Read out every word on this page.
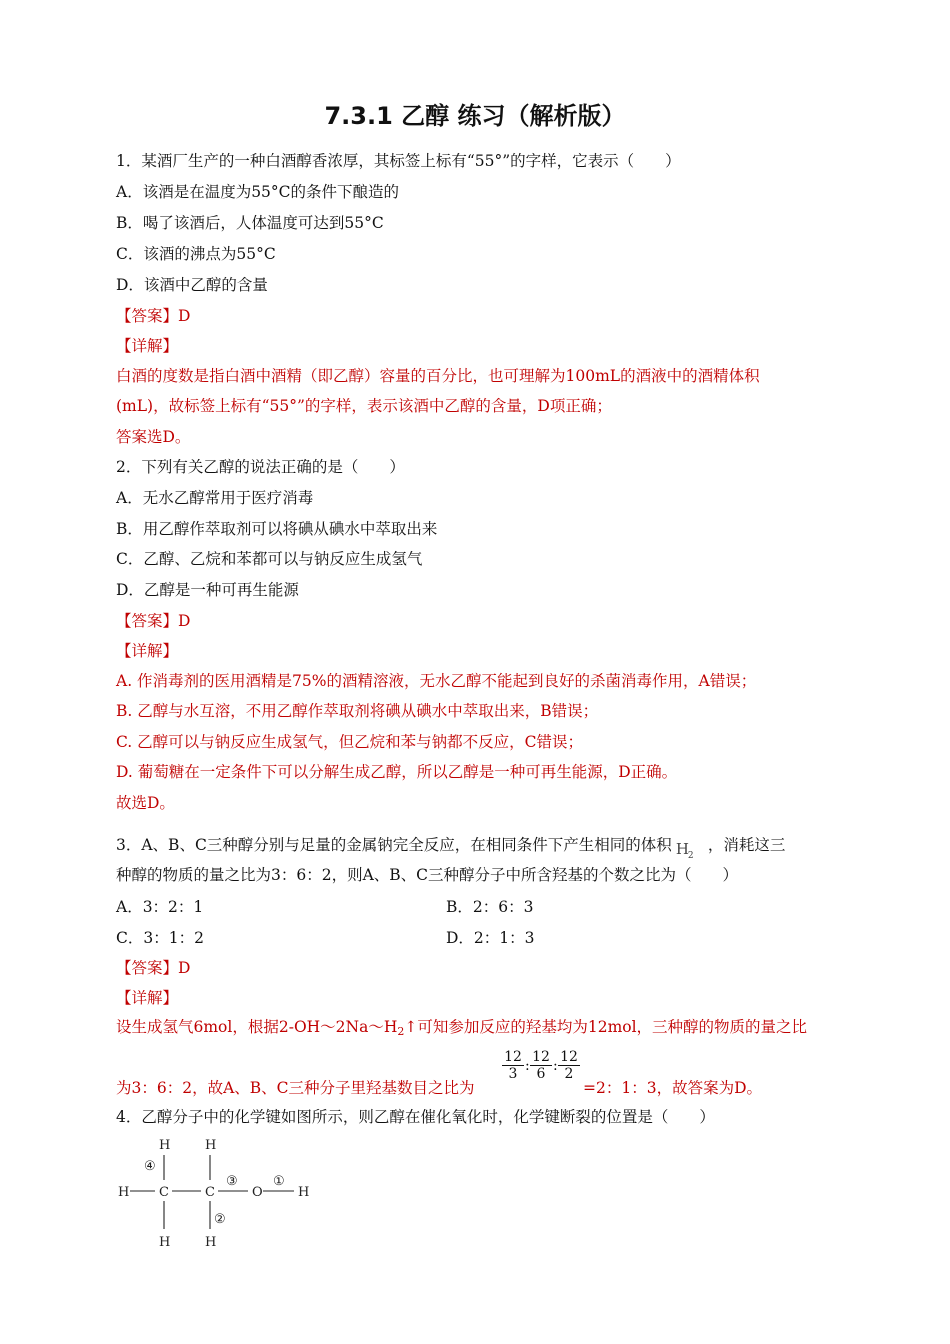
7.3.1 乙醇 练习（解析版）
1．某酒厂生产的一种白酒醇香浓厚，其标签上标有“55°”的字样，它表示（　　）
A．该酒是在温度为55°C的条件下酿造的
B．喝了该酒后，人体温度可达到55°C
C．该酒的沸点为55°C
D．该酒中乙醇的含量
【答案】D
【详解】
白酒的度数是指白酒中酒精（即乙醇）容量的百分比，也可理解为100mL的酒液中的酒精体积
(mL)，故标签上标有“55°”的字样，表示该酒中乙醇的含量，D项正确；
答案选D。
2．下列有关乙醇的说法正确的是（　　）
A．无水乙醇常用于医疗消毒
B．用乙醇作萃取剂可以将碘从碘水中萃取出来
C．乙醇、乙烷和苯都可以与钠反应生成氢气
D．乙醇是一种可再生能源
【答案】D
【详解】
A. 作消毒剂的医用酒精是75%的酒精溶液，无水乙醇不能起到良好的杀菌消毒作用，A错误；
B. 乙醇与水互溶，不用乙醇作萃取剂将碘从碘水中萃取出来，B错误；
C. 乙醇可以与钠反应生成氢气，但乙烷和苯与钠都不反应，C错误；
D. 葡萄糖在一定条件下可以分解生成乙醇，所以乙醇是一种可再生能源，D正确。
故选D。
3．A、B、C三种醇分别与足量的金属钠完全反应，在相同条件下产生相同的体积 H
2
，消耗这三
种醇的物质的量之比为3：6：2，则A、B、C三种醇分子中所含羟基的个数之比为（　　）
A．3：2：1	B．2：6：3
C．3：1：2	D．2：1：3
【答案】D
【详解】
设生成氢气6mol，根据$2-OH\sim 2Na\sim H_2↑$可知参加反应的羟基均为12mol，三种醇的物质的量之比
$\frac{12}{3}$ : $\frac{12}{6}$ : $\frac{12}{2}$
为3：6：2，故A、B、C三种分子里羟基数目之比为	=2：1：3，故答案为D。
4．乙醇分子中的化学键如图所示，则乙醇在催化氧化时，化学键断裂的位置是（　　）
H	H
H C	C	O	H
H	H
④
②
③	①
